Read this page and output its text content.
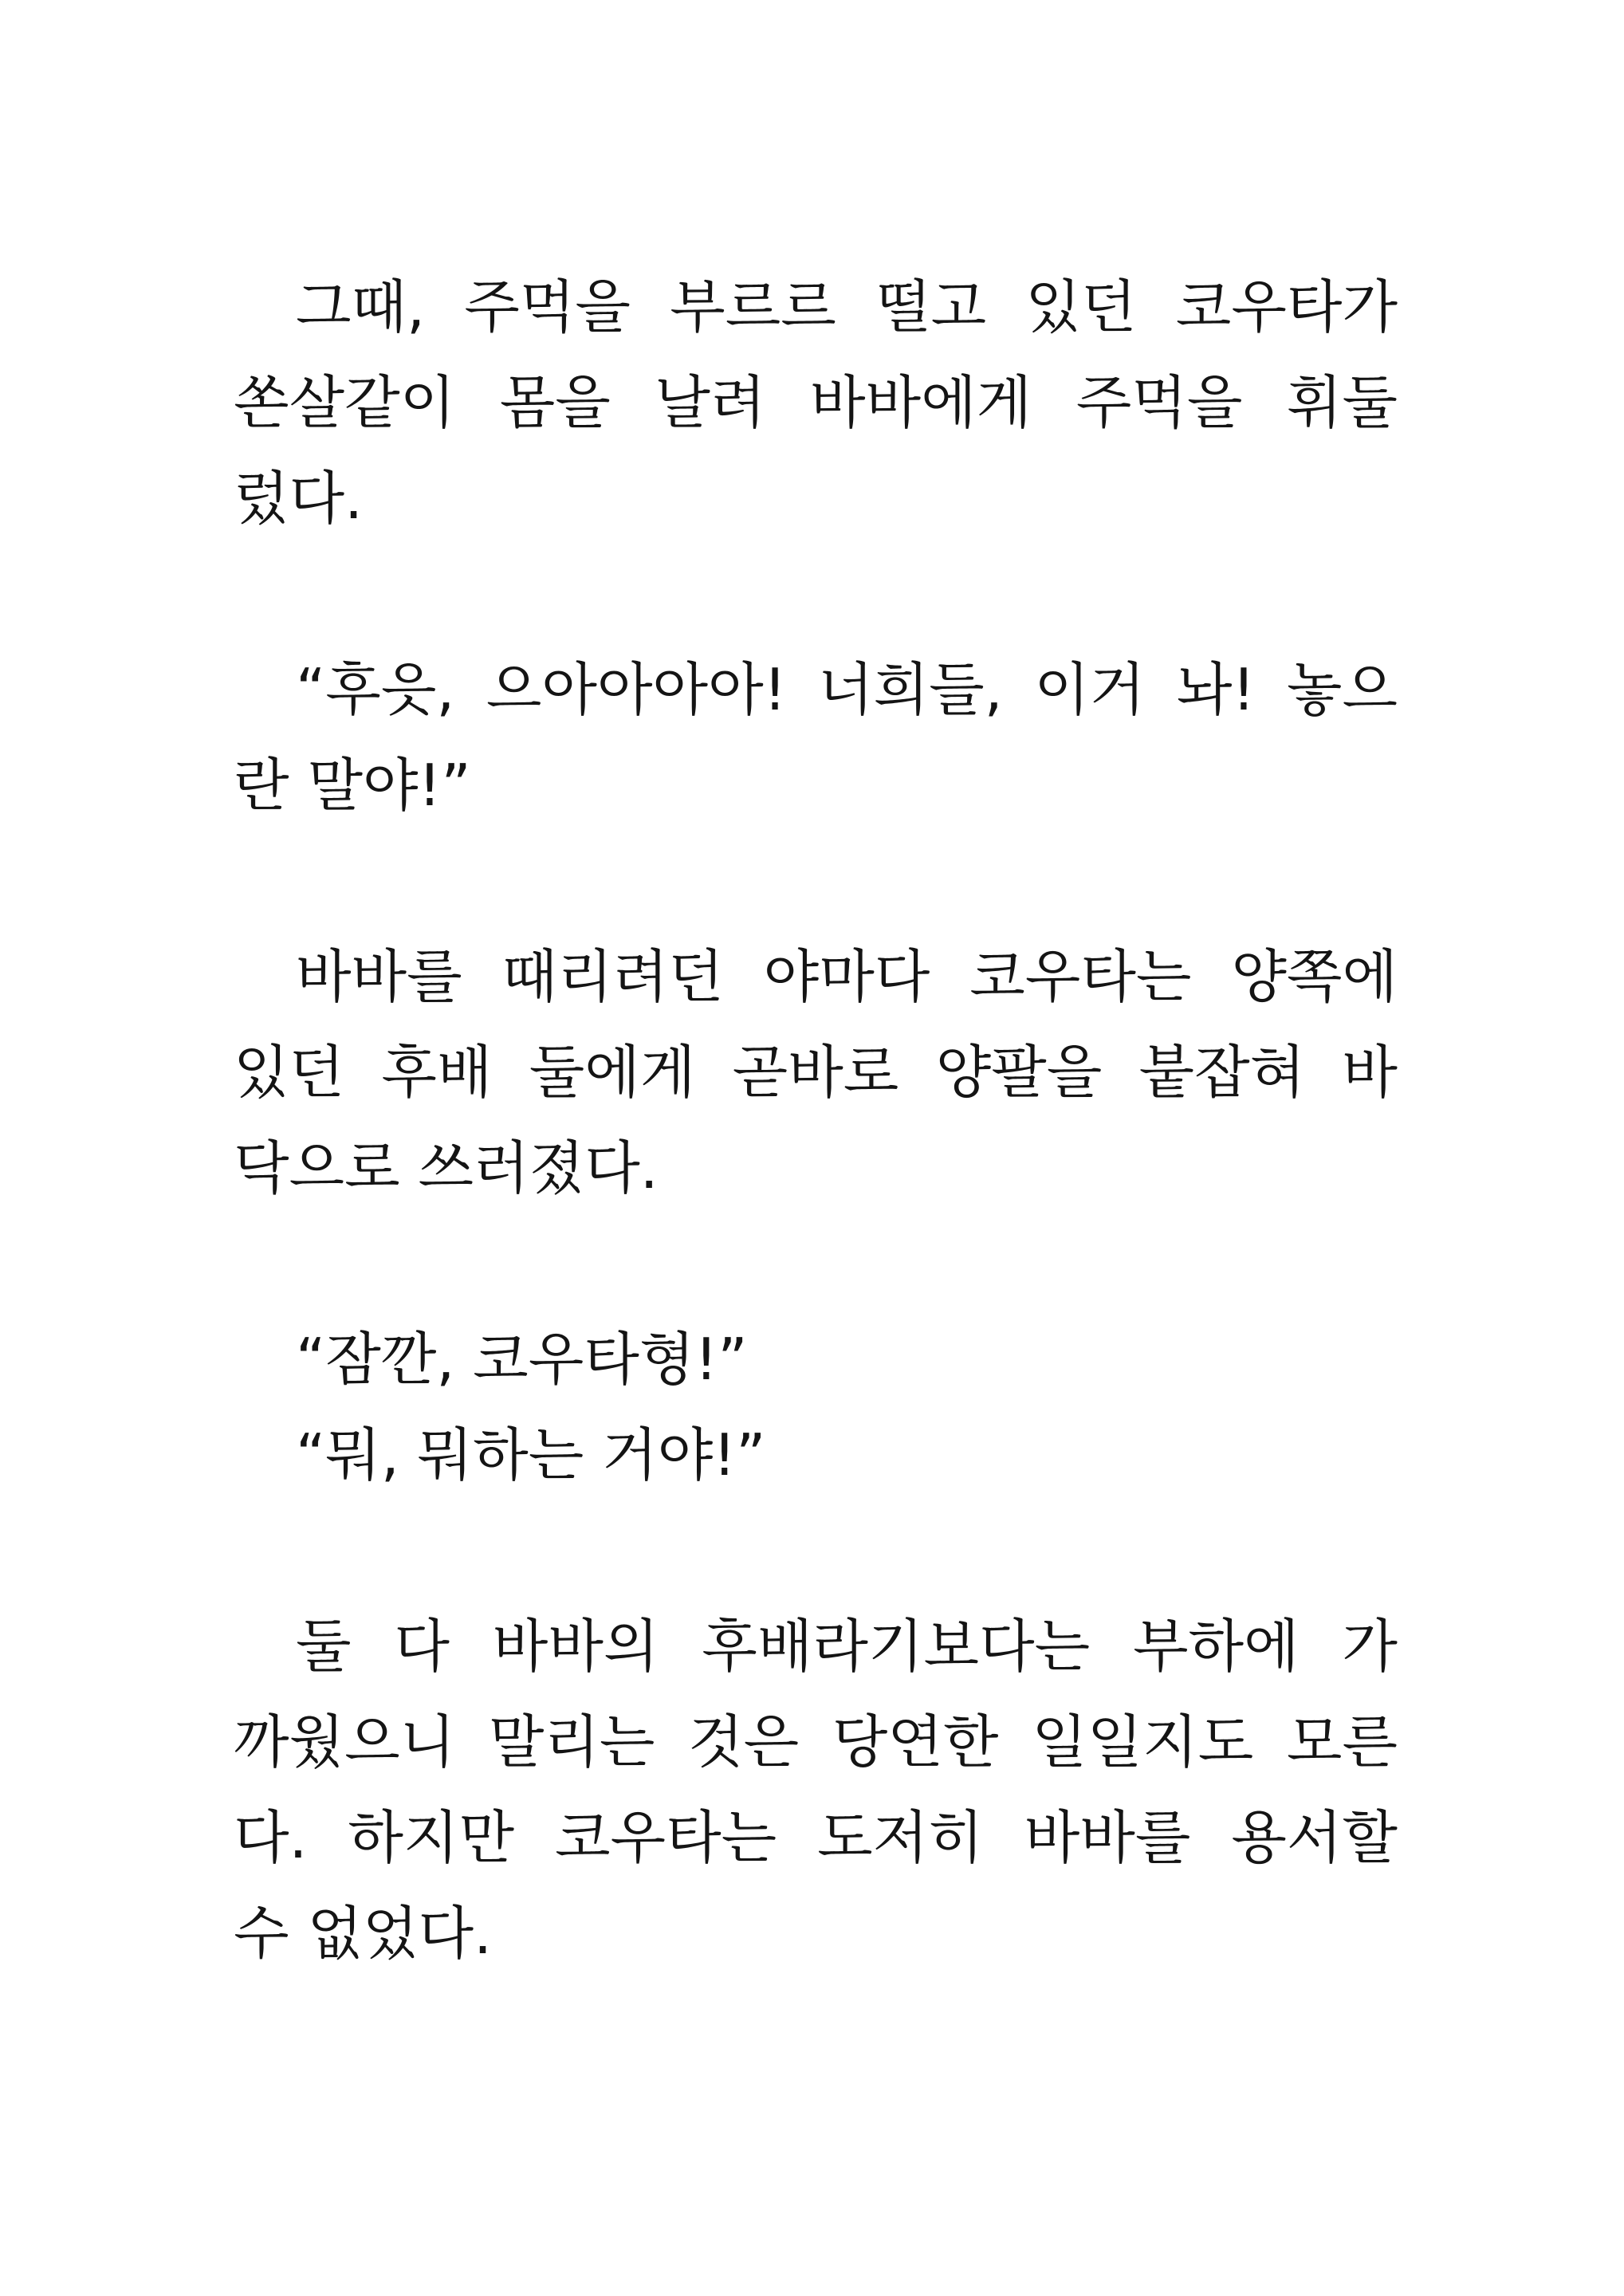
그때, 주먹을 부르르 떨고 있던 코우타가
쏜살같이 몸을 날려 바바에게 주먹을 휘둘
렀다.
“후읏, 으아아아아! 너희들, 이거 놔! 놓으
란 말야!”
바바를 때리려던 야마다 코우타는 양쪽에
있던 후배 둘에게 곧바로 양팔을 붙잡혀 바
닥으로 쓰러졌다.
“잠깐, 코우타형!”
“뭐, 뭐하는 거야!”
둘 다 바바의 후배라기보다는 부하에 가
까웠으니 말리는 것은 당연한 일일지도 모른
다. 하지만 코우타는 도저히 바바를 용서할
수 없었다.
